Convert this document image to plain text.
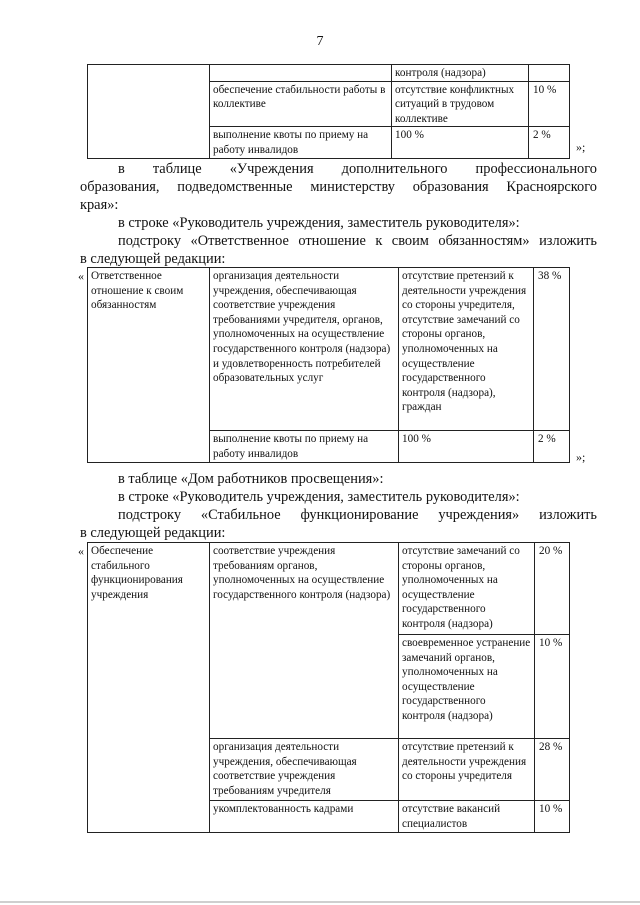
7
		контроля (надзора)	
	обеспечение стабильности работы в коллективе	отсутствие конфликтных ситуаций в трудовом коллективе	10 %
	выполнение квоты по приему на работу инвалидов	100 %	2 %
»;
в таблице «Учреждения дополнительного профессионального
образования, подведомственные министерству образования Красноярского
края»:
в строке «Руководитель учреждения, заместитель руководителя»:
подстроку «Ответственное отношение к своим обязанностям» изложить
в следующей редакции:
« Ответственное отношение к своим обязанностям	организация деятельности учреждения, обеспечивающая соответствие учреждения требованиями учредителя, органов, уполномоченных на осуществление государственного контроля (надзора) и удовлетворенность потребителей образовательных услуг	отсутствие претензий к деятельности учреждения со стороны учредителя, отсутствие замечаний со стороны органов, уполномоченных на осуществление государственного контроля (надзора), граждан	38 %
	выполнение квоты по приему на работу инвалидов	100 %	2 %
»;
в таблице «Дом работников просвещения»:
в строке «Руководитель учреждения, заместитель руководителя»:
подстроку «Стабильное функционирование учреждения» изложить
в следующей редакции:
« Обеспечение стабильного функционирования учреждения	соответствие учреждения требованиям органов, уполномоченных на осуществление государственного контроля (надзора)	отсутствие замечаний со стороны органов, уполномоченных на осуществление государственного контроля (надзора)	20 %
		своевременное устранение замечаний органов, уполномоченных на осуществление государственного контроля (надзора)	10 %
	организация деятельности учреждения, обеспечивающая соответствие учреждения требованиям учредителя	отсутствие претензий к деятельности учреждения со стороны учредителя	28 %
	укомплектованность кадрами	отсутствие вакансий специалистов	10 %
